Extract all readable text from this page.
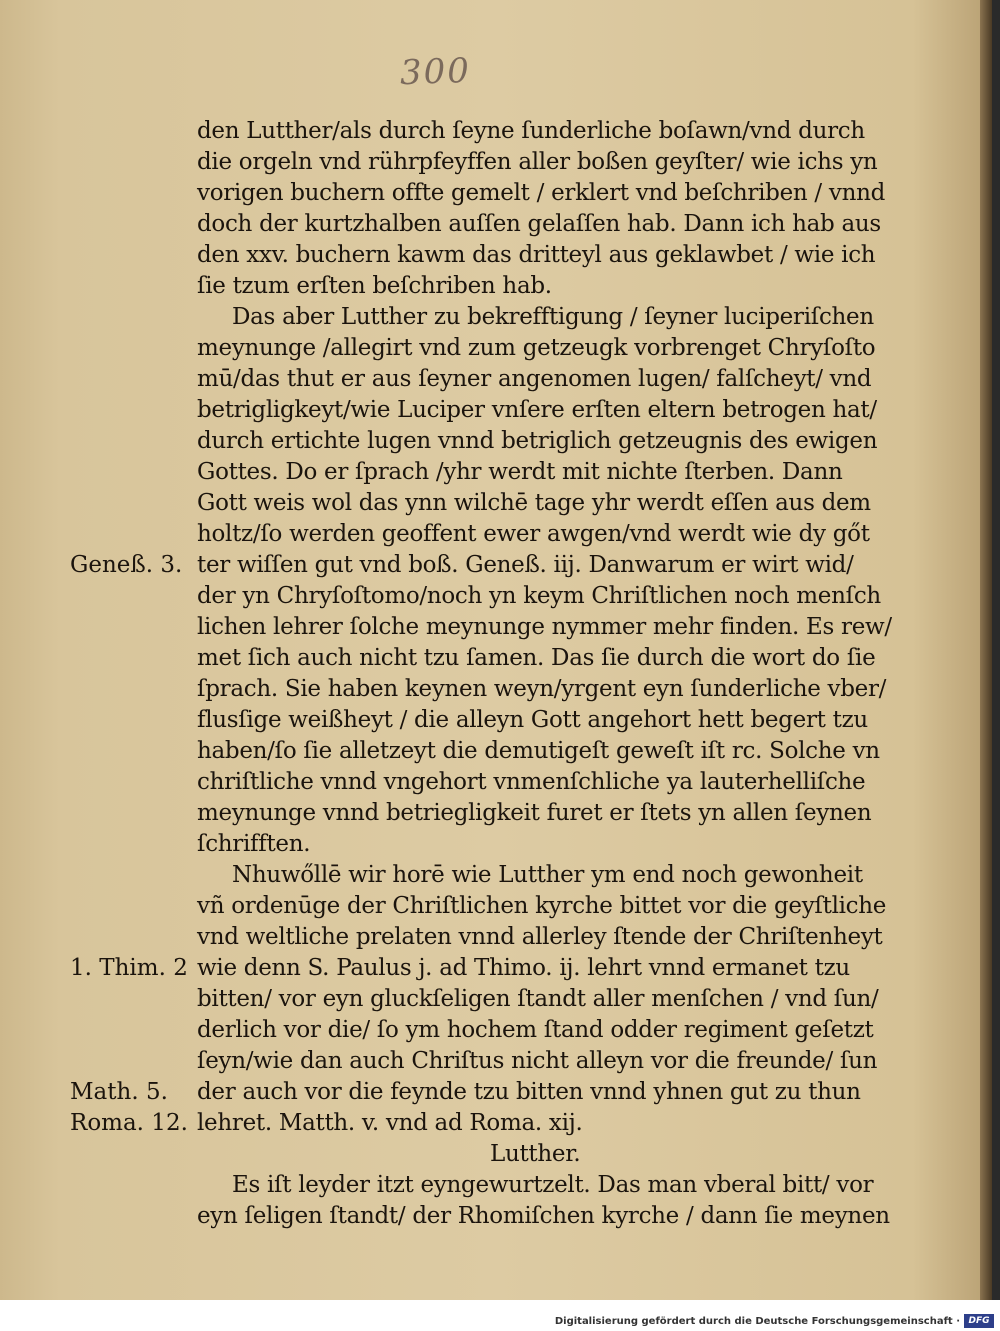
300
den Lutther/als durch ſeyne ſunderliche boſawn/vnd durch
die orgeln vnd rührpfeyffen aller boßen geyſter/ wie ichs yn
vorigen buchern offte gemelt / erklert vnd beſchriben / vnnd
doch der kurtzhalben auſſen gelaſſen hab. Dann ich hab aus
den xxv. buchern kawm das dritteyl aus geklawbet / wie ich
ſie tzum erſten beſchriben hab.
Das aber Lutther zu bekrefftigung / ſeyner luciperiſchen
meynunge /allegirt vnd zum getzeugk vorbrenget Chryſoſto
mū/das thut er aus ſeyner angenomen lugen/ falſcheyt/ vnd
betrigligkeyt/wie Luciper vnſere erſten eltern betrogen hat/
durch ertichte lugen vnnd betriglich getzeugnis des ewigen
Gottes. Do er ſprach /yhr werdt mit nichte ſterben. Dann
Gott weis wol das ynn wilchē tage yhr werdt eſſen aus dem
holtz/ſo werden geoffent ewer awgen/vnd werdt wie dy gőt
ter wiſſen gut vnd boß. Geneß. iij. Danwarum er wirt wid/
der yn Chryſoſtomo/noch yn keym Chriſtlichen noch menſch
lichen lehrer ſolche meynunge nymmer mehr finden. Es rew/
met ſich auch nicht tzu ſamen. Das ſie durch die wort do ſie
ſprach. Sie haben keynen weyn/yrgent eyn ſunderliche vber/
flusſige weißheyt / die alleyn Gott angehort hett begert tzu
haben/ſo ſie alletzeyt die demutigeſt geweſt iſt rc. Solche vn
chriſtliche vnnd vngehort vnmenſchliche ya lauterhelliſche
meynunge vnnd betriegligkeit furet er ſtets yn allen ſeynen
ſchrifften.
Nhuwőllē wir horē wie Lutther ym end noch gewonheit
vñ ordenūge der Chriſtlichen kyrche bittet vor die geyſtliche
vnd weltliche prelaten vnnd allerley ſtende der Chriſtenheyt
wie denn S. Paulus j. ad Thimo. ij. lehrt vnnd ermanet tzu
bitten/ vor eyn gluckſeligen ſtandt aller menſchen / vnd ſun/
derlich vor die/ ſo ym hochem ſtand odder regiment geſetzt
ſeyn/wie dan auch Chriſtus nicht alleyn vor die freunde/ ſun
der auch vor die feynde tzu bitten vnnd yhnen gut zu thun
lehret. Matth. v. vnd ad Roma. xij.
Lutther.
Es iſt leyder itzt eyngewurtzelt. Das man vberal bitt/ vor
eyn ſeligen ſtandt/ der Rhomiſchen kyrche / dann ſie meynen
Geneß. 3.
1. Thim. 2
Math. 5.
Roma. 12.
Digitalisierung gefördert durch die Deutsche Forschungsgemeinschaft · DFG
